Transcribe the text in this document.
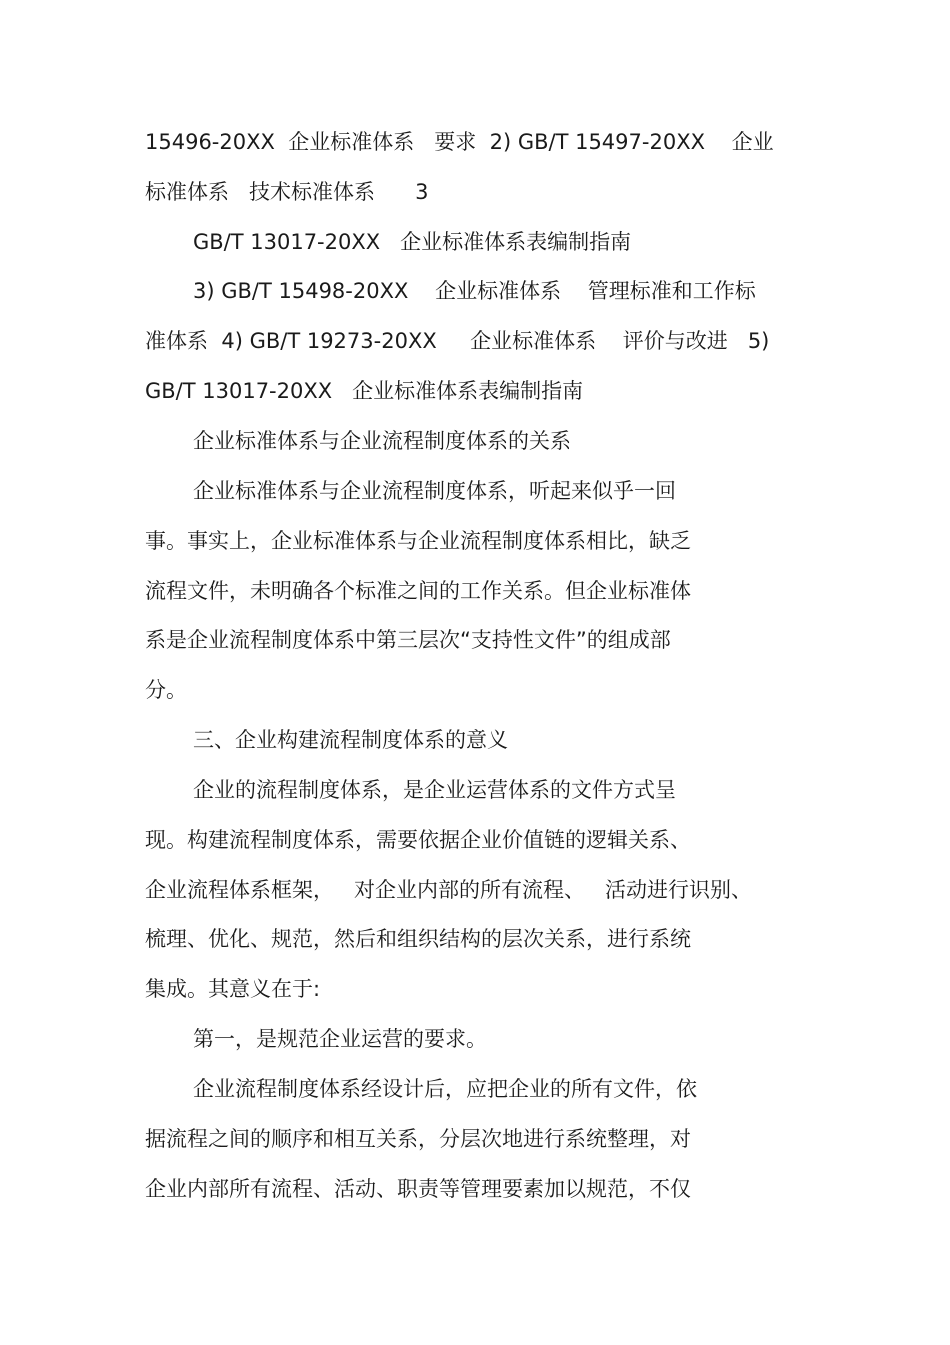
15496-20XX  企业标准体系   要求  2) GB/T 15497-20XX    企业
标准体系   技术标准体系      3
GB/T 13017-20XX   企业标准体系表编制指南
3) GB/T 15498-20XX    企业标准体系    管理标准和工作标
准体系  4) GB/T 19273-20XX     企业标准体系    评价与改进   5)
GB/T 13017-20XX   企业标准体系表编制指南
企业标准体系与企业流程制度体系的关系
企业标准体系与企业流程制度体系，听起来似乎一回
事。事实上，企业标准体系与企业流程制度体系相比，缺乏
流程文件，未明确各个标准之间的工作关系。但企业标准体
系是企业流程制度体系中第三层次“支持性文件”的组成部
分。
三、企业构建流程制度体系的意义
企业的流程制度体系，是企业运营体系的文件方式呈
现。构建流程制度体系，需要依据企业价值链的逻辑关系、
企业流程体系框架，   对企业内部的所有流程、   活动进行识别、
梳理、优化、规范，然后和组织结构的层次关系，进行系统
集成。其意义在于:
第一，是规范企业运营的要求。
企业流程制度体系经设计后，应把企业的所有文件，依
据流程之间的顺序和相互关系，分层次地进行系统整理，对
企业内部所有流程、活动、职责等管理要素加以规范，不仅
